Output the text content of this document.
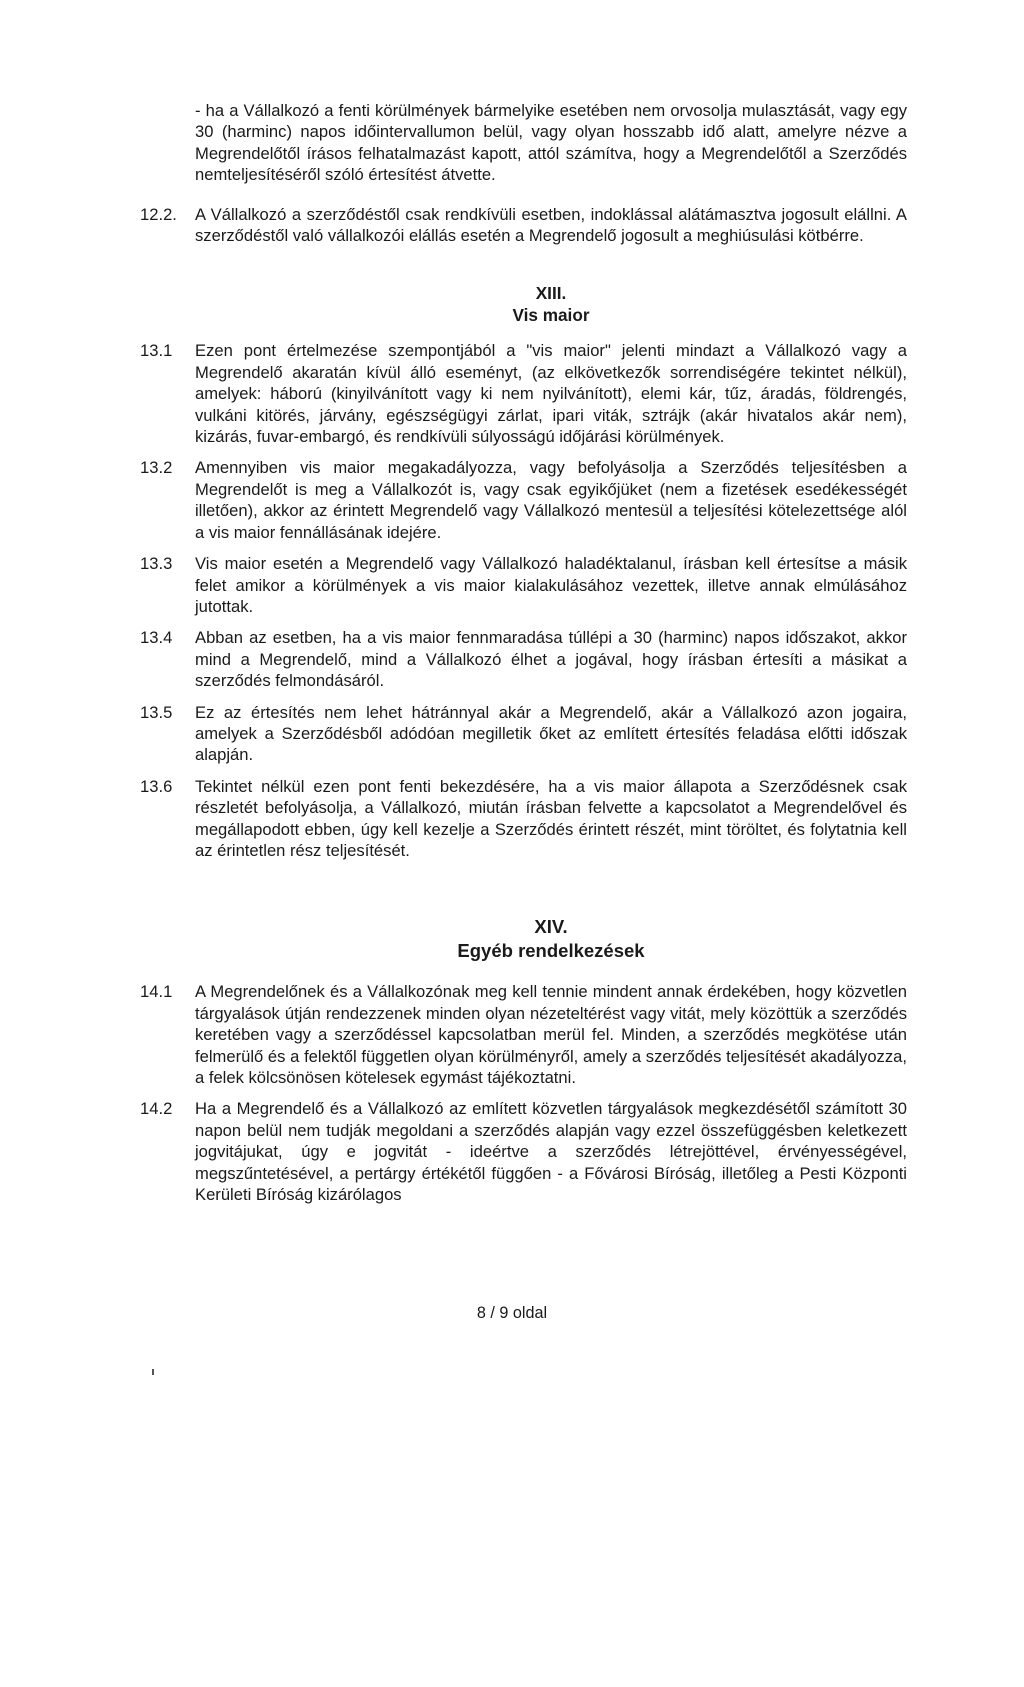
- ha a Vállalkozó a fenti körülmények bármelyike esetében nem orvosolja mulasztását, vagy egy 30 (harminc) napos időintervallumon belül, vagy olyan hosszabb idő alatt, amelyre nézve a Megrendelőtől írásos felhatalmazást kapott, attól számítva, hogy a Megrendelőtől a Szerződés nemteljesítéséről szóló értesítést átvette.

12.2.	A Vállalkozó a szerződéstől csak rendkívüli esetben, indoklással alátámasztva jogosult elállni. A szerződéstől való vállalkozói elállás esetén a Megrendelő jogosult a meghiúsulási kötbérre.

XIII.

Vis maior

13.1	Ezen pont értelmezése szempontjából a "vis maior" jelenti mindazt a Vállalkozó vagy a Megrendelő akaratán kívül álló eseményt, (az elkövetkezők sorrendiségére tekintet nélkül), amelyek: háború (kinyilvánított vagy ki nem nyilvánított), elemi kár, tűz, áradás, földrengés, vulkáni kitörés, járvány, egészségügyi zárlat, ipari viták, sztrájk (akár hivatalos akár nem), kizárás, fuvar-embargó, és rendkívüli súlyosságú időjárási körülmények.
13.2	Amennyiben vis maior megakadályozza, vagy befolyásolja a Szerződés teljesítésben a Megrendelőt is meg a Vállalkozót is, vagy csak egyikőjüket (nem a fizetések esedékességét illetően), akkor az érintett Megrendelő vagy Vállalkozó mentesül a teljesítési kötelezettsége alól a vis maior fennállásának idejére.
13.3	Vis maior esetén a Megrendelő vagy Vállalkozó haladéktalanul, írásban kell értesítse a másik felet amikor a körülmények a vis maior kialakulásához vezettek, illetve annak elmúlásához jutottak.
13.4	Abban az esetben, ha a vis maior fennmaradása túllépi a 30 (harminc) napos időszakot, akkor mind a Megrendelő, mind a Vállalkozó élhet a jogával, hogy írásban értesíti a másikat a szerződés felmondásáról.
13.5	Ez az értesítés nem lehet hátránnyal akár a Megrendelő, akár a Vállalkozó azon jogaira, amelyek a Szerződésből adódóan megilletik őket az említett értesítés feladása előtti időszak alapján.
13.6	Tekintet nélkül ezen pont fenti bekezdésére, ha a vis maior állapota a Szerződésnek csak részletét befolyásolja, a Vállalkozó, miután írásban felvette a kapcsolatot a Megrendelővel és megállapodott ebben, úgy kell kezelje a Szerződés érintett részét, mint töröltet, és folytatnia kell az érintetlen rész teljesítését.

XIV.

Egyéb rendelkezések

14.1	A Megrendelőnek és a Vállalkozónak meg kell tennie mindent annak érdekében, hogy közvetlen tárgyalások útján rendezzenek minden olyan nézeteltérést vagy vitát, mely közöttük a szerződés keretében vagy a szerződéssel kapcsolatban merül fel. Minden, a szerződés megkötése után felmerülő és a felektől független olyan körülményről, amely a szerződés teljesítését akadályozza, a felek kölcsönösen kötelesek egymást tájékoztatni.
14.2	Ha a Megrendelő és a Vállalkozó az említett közvetlen tárgyalások megkezdésétől számított 30 napon belül nem tudják megoldani a szerződés alapján vagy ezzel összefüggésben keletkezett jogvitájukat, úgy e jogvitát - ideértve a szerződés létrejöttével, érvényességével, megszűntetésével, a pertárgy értékétől függően - a Fővárosi Bíróság, illetőleg a Pesti Központi Kerületi Bíróság kizárólagos
8 / 9 oldal
